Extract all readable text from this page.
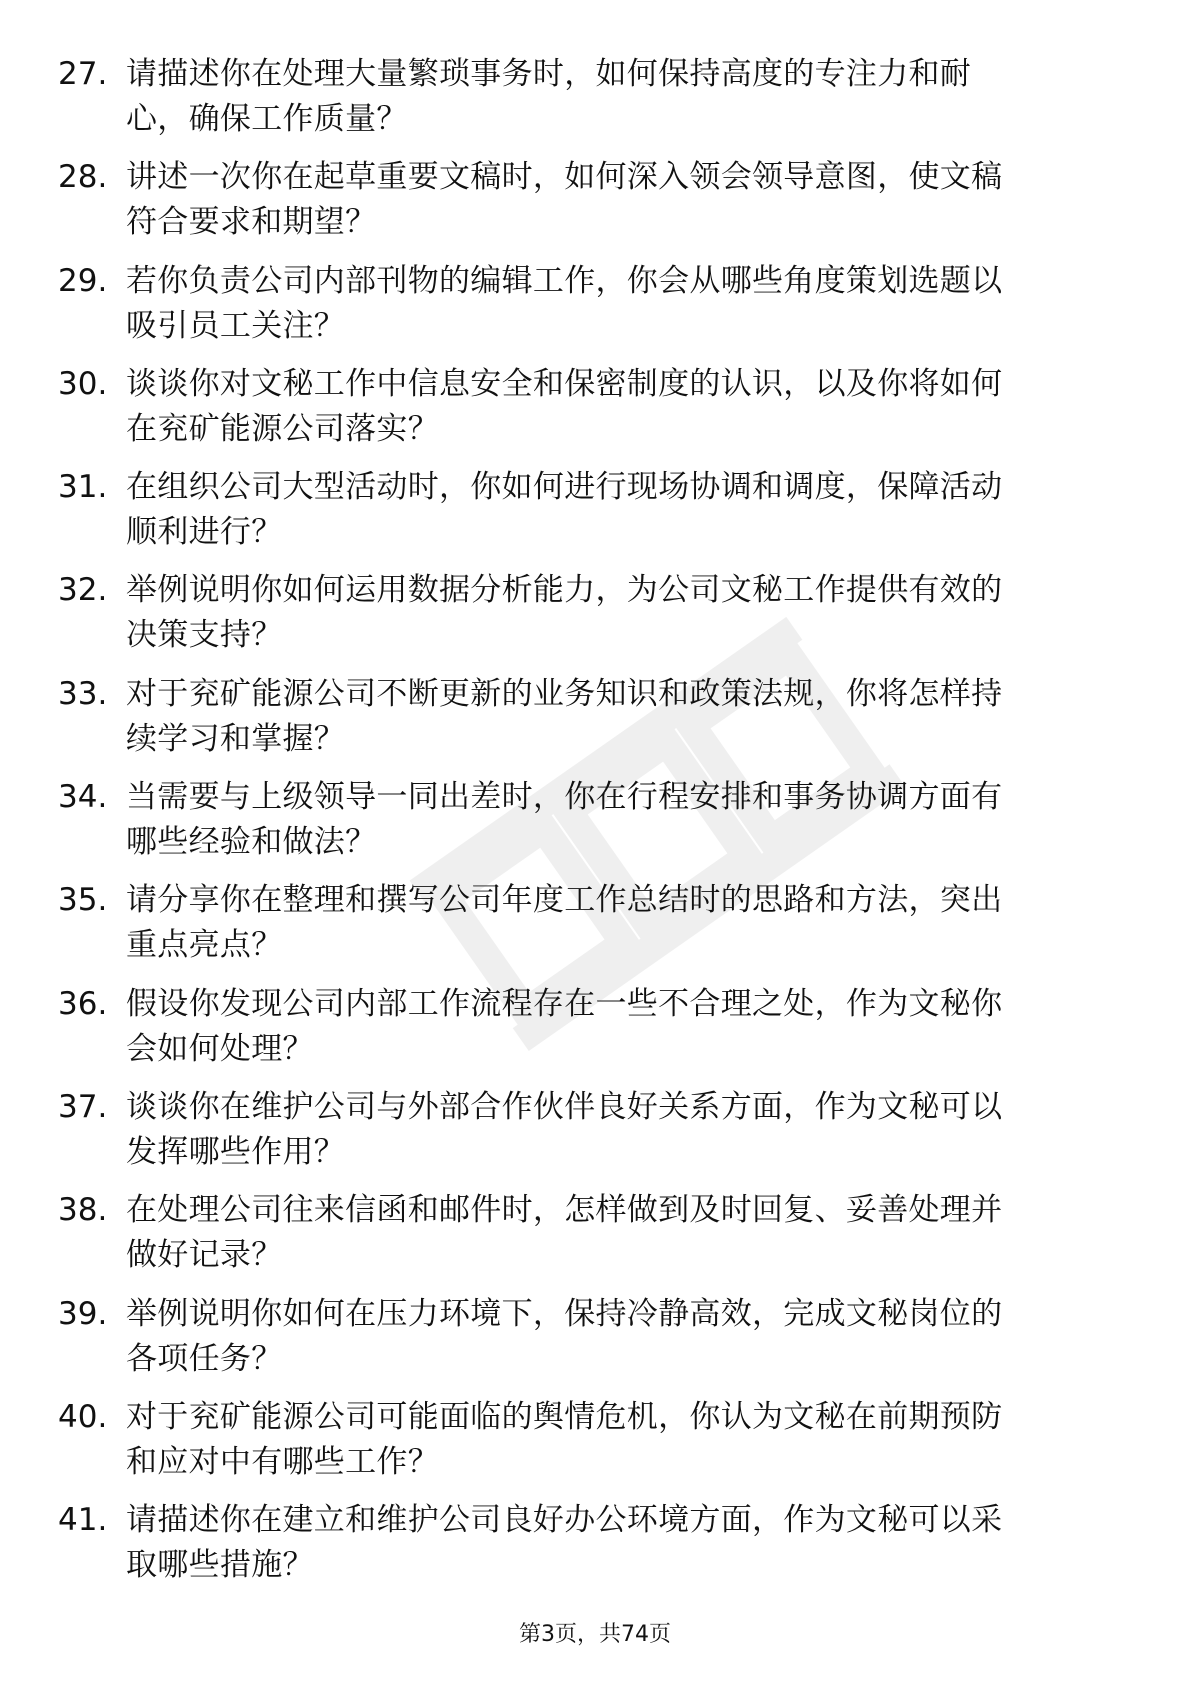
27. 请描述你在处理大量繁琐事务时，如何保持高度的专注力和耐
心，确保工作质量？
28. 讲述一次你在起草重要文稿时，如何深入领会领导意图，使文稿
符合要求和期望？
29. 若你负责公司内部刊物的编辑工作，你会从哪些角度策划选题以
吸引员工关注？
30. 谈谈你对文秘工作中信息安全和保密制度的认识，以及你将如何
在兖矿能源公司落实？
31. 在组织公司大型活动时，你如何进行现场协调和调度，保障活动
顺利进行？
32. 举例说明你如何运用数据分析能力，为公司文秘工作提供有效的
决策支持？
33. 对于兖矿能源公司不断更新的业务知识和政策法规，你将怎样持
续学习和掌握？
34. 当需要与上级领导一同出差时，你在行程安排和事务协调方面有
哪些经验和做法？
35. 请分享你在整理和撰写公司年度工作总结时的思路和方法，突出
重点亮点？
36. 假设你发现公司内部工作流程存在一些不合理之处，作为文秘你
会如何处理？
37. 谈谈你在维护公司与外部合作伙伴良好关系方面，作为文秘可以
发挥哪些作用？
38. 在处理公司往来信函和邮件时，怎样做到及时回复、妥善处理并
做好记录？
39. 举例说明你如何在压力环境下，保持冷静高效，完成文秘岗位的
各项任务？
40. 对于兖矿能源公司可能面临的舆情危机，你认为文秘在前期预防
和应对中有哪些工作？
41. 请描述你在建立和维护公司良好办公环境方面，作为文秘可以采
取哪些措施？
第3页，共74页
